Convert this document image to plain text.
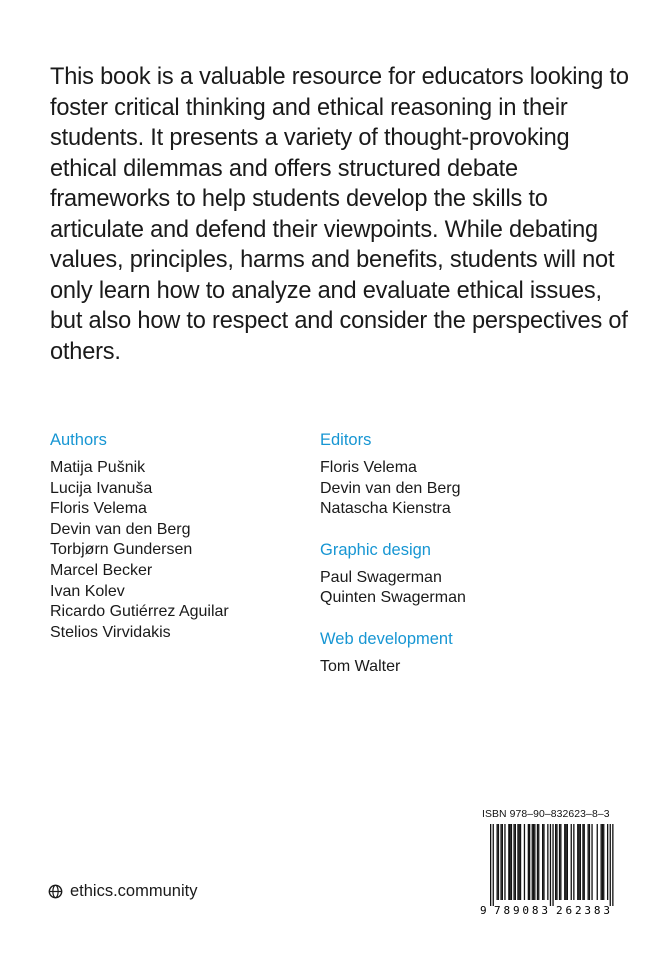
This book is a valuable resource for educators looking to foster critical thinking and ethical reasoning in their students. It presents a variety of thought-provoking ethical dilemmas and offers structured debate frameworks to help students develop the skills to articulate and defend their viewpoints. While debating values, principles, harms and benefits, students will not only learn how to analyze and evaluate ethical issues, but also how to respect and consider the perspectives of others.

Authors
Matija Pušnik
Lucija Ivanuša
Floris Velema
Devin van den Berg
Torbjørn Gundersen
Marcel Becker
Ivan Kolev
Ricardo Gutiérrez Aguilar
Stelios Virvidakis
Editors
Floris Velema
Devin van den Berg
Natascha Kienstra
Graphic design
Paul Swagerman
Quinten Swagerman
Web development
Tom Walter
ethics.community
ISBN 978–90–832623–8–3
9 789083 262383
